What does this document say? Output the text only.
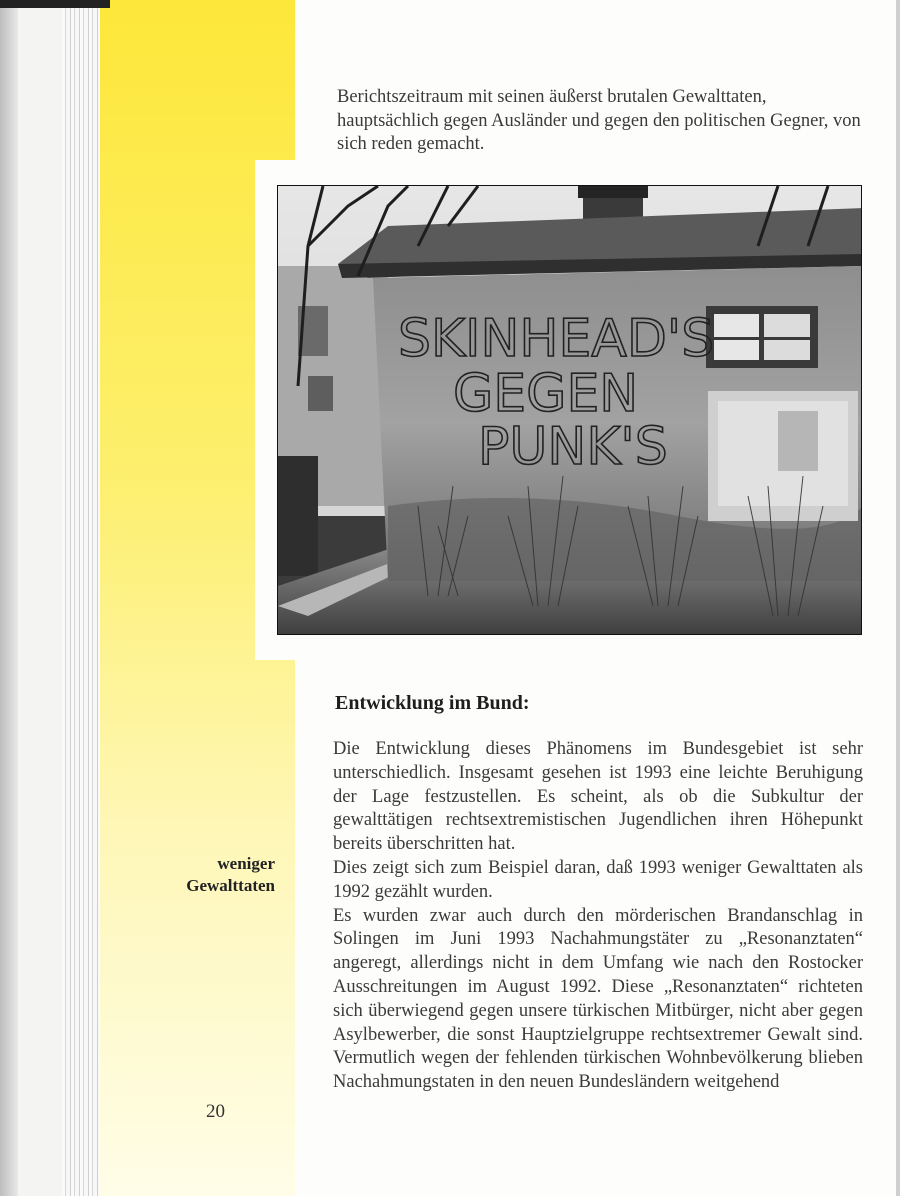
Berichtszeitraum mit seinen äußerst brutalen Gewalttaten, hauptsächlich gegen Ausländer und gegen den politischen Gegner, von sich reden gemacht.
SKINHEAD'S
GEGEN
PUNK'S
Entwicklung im Bund:

Die Entwicklung dieses Phänomens im Bundesgebiet ist sehr unterschiedlich. Insgesamt gesehen ist 1993 eine leichte Beruhigung der Lage festzustellen. Es scheint, als ob die Subkultur der gewalttätigen rechtsextremistischen Jugendlichen ihren Höhepunkt bereits überschritten hat.

Dies zeigt sich zum Beispiel daran, daß 1993 weniger Gewalttaten als 1992 gezählt wurden.

Es wurden zwar auch durch den mörderischen Brandanschlag in Solingen im Juni 1993 Nachahmungstäter zu „Resonanztaten“ angeregt, allerdings nicht in dem Umfang wie nach den Rostocker Ausschreitungen im August 1992. Diese „Resonanztaten“ richteten sich überwiegend gegen unsere türkischen Mitbürger, nicht aber gegen Asylbewerber, die sonst Hauptzielgruppe rechtsextremer Gewalt sind. Vermutlich wegen der fehlenden türkischen Wohnbevölkerung blieben Nachahmungstaten in den neuen Bundesländern weitgehend

weniger
Gewalttaten
20
